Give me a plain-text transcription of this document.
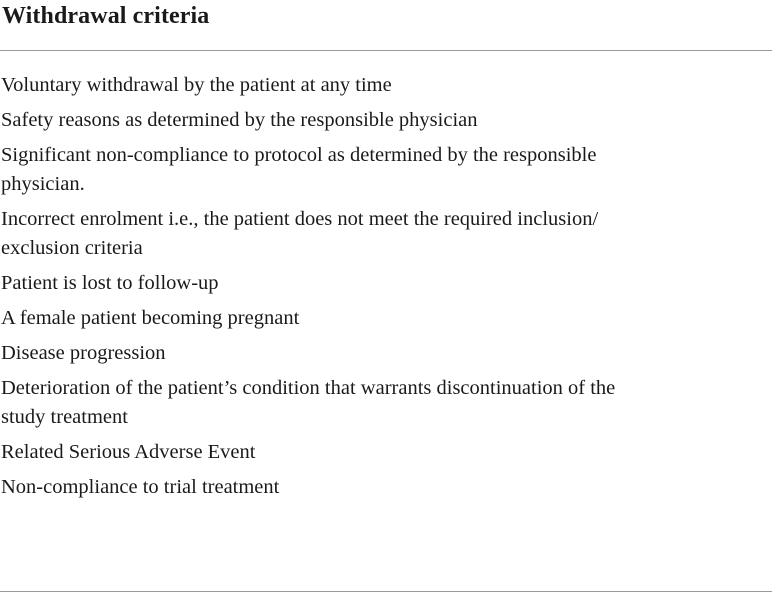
Withdrawal criteria
Voluntary withdrawal by the patient at any time
Safety reasons as determined by the responsible physician
Significant non-compliance to protocol as determined by the responsible
physician.
Incorrect enrolment i.e., the patient does not meet the required inclusion/
exclusion criteria
Patient is lost to follow-up
A female patient becoming pregnant
Disease progression
Deterioration of the patient’s condition that warrants discontinuation of the
study treatment
Related Serious Adverse Event
Non-compliance to trial treatment
